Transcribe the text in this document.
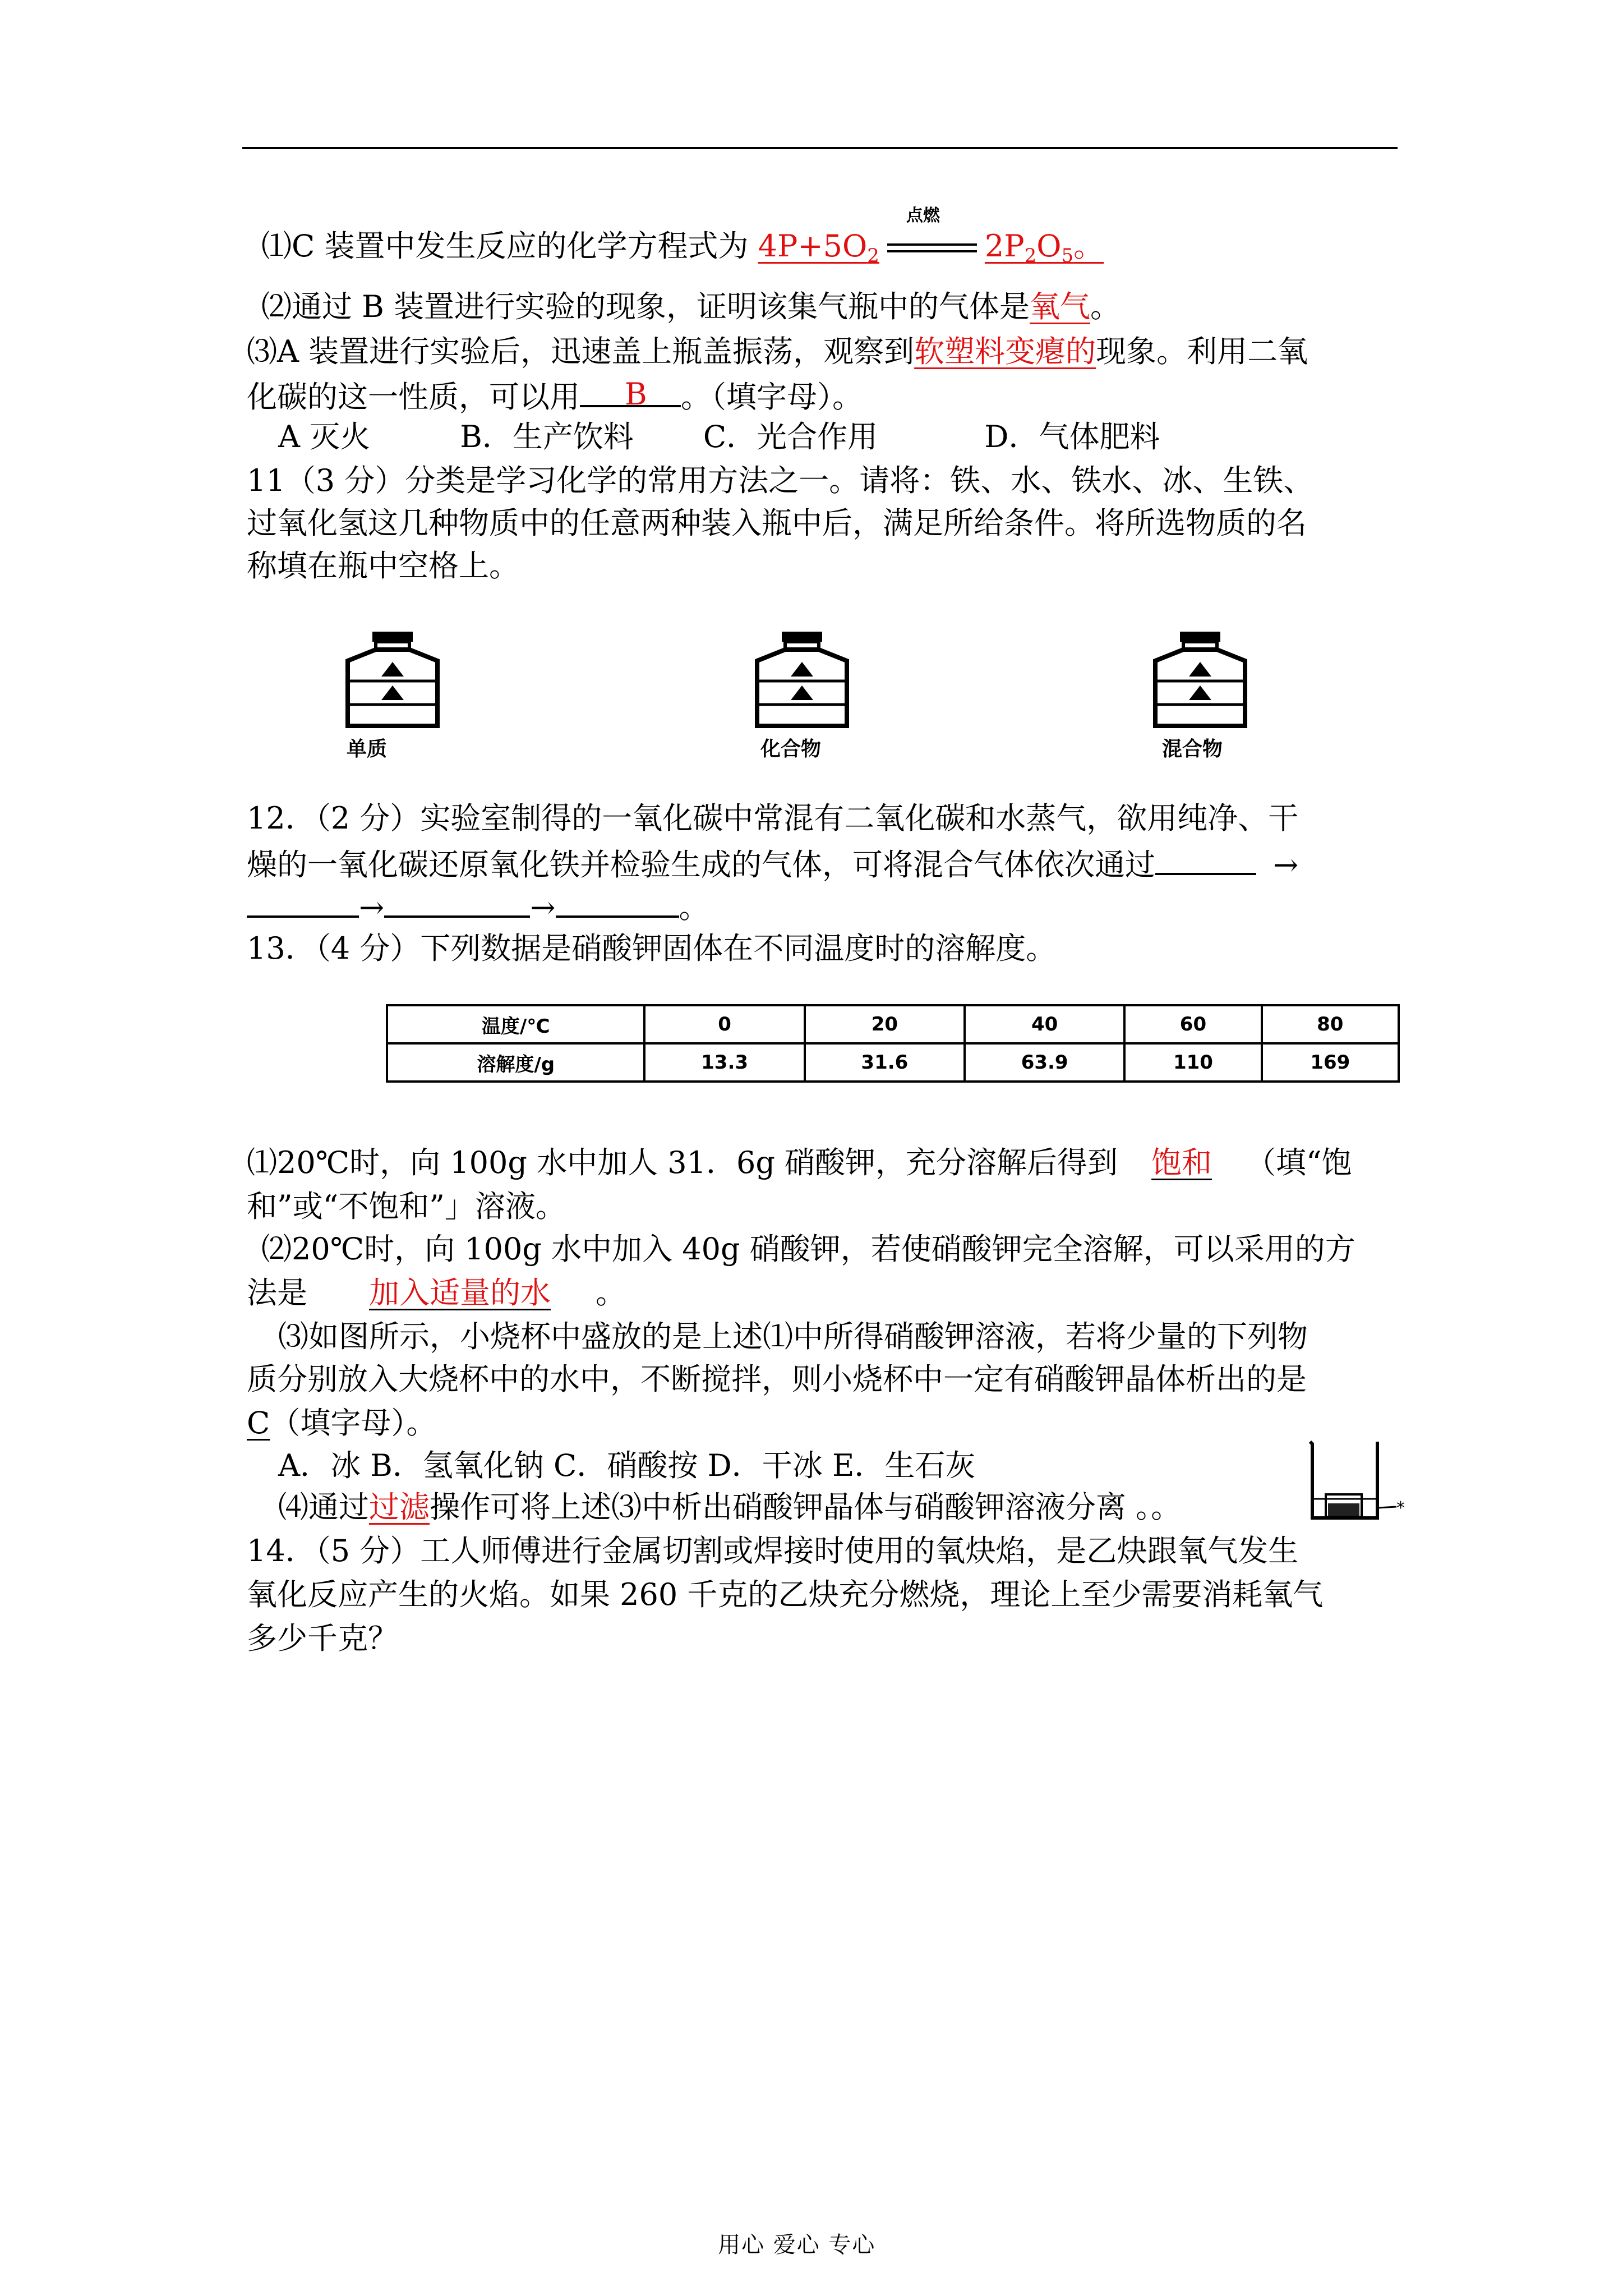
⑴C 装置中发生反应的化学方程式为 $4P+5O_2$
点燃
$2P_2O_5$。
⑵通过 B 装置进行实验的现象，证明该集气瓶中的气体是氧气。
⑶A 装置进行实验后，迅速盖上瓶盖振荡，观察到软塑料变瘪的现象。利用二氧
化碳的这一性质，可以用 B 。（填字母）。
A 灭火	B．生产饮料 C．光合作用	D．气体肥料
11（3 分）分类是学习化学的常用方法之一。请将：铁、水、铁水、冰、生铁、
过氧化氢这几种物质中的任意两种装入瓶中后，满足所给条件。将所选物质的名
称填在瓶中空格上。
单质	化合物	混合物
12．（2 分）实验室制得的一氧化碳中常混有二氧化碳和水蒸气，欲用纯净、干
燥的一氧化碳还原氧化铁并检验生成的气体，可将混合气体依次通过	→
→	→	。
13．（4 分）下列数据是硝酸钾固体在不同温度时的溶解度。
温度/℃	0	20	40	60	80
溶解度/g	13.3	31.6	63.9	110	169
⑴20℃时，向 100g 水中加人 31．6g 硝酸钾，充分溶解后得到 饱和 （填“饱
和”或“不饱和”」溶液。
⑵20℃时，向 100g 水中加入 40g 硝酸钾，若使硝酸钾完全溶解，可以采用的方
法是 加入适量的水 。
⑶如图所示，小烧杯中盛放的是上述⑴中所得硝酸钾溶液，若将少量的下列物
质分别放入大烧杯中的水中，不断搅拌，则小烧杯中一定有硝酸钾晶体析出的是
C（填字母）。
A．冰 B．氢氧化钠 C．硝酸按 D．干冰 E．生石灰
⑷通过过滤操作可将上述⑶中析出硝酸钾晶体与硝酸钾溶液分离 。。	*
14．（5 分）工人师傅进行金属切割或焊接时使用的氧炔焰，是乙炔跟氧气发生
氧化反应产生的火焰。如果 260 千克的乙炔充分燃烧，理论上至少需要消耗氧气
多少千克？
用心 爱心 专心
